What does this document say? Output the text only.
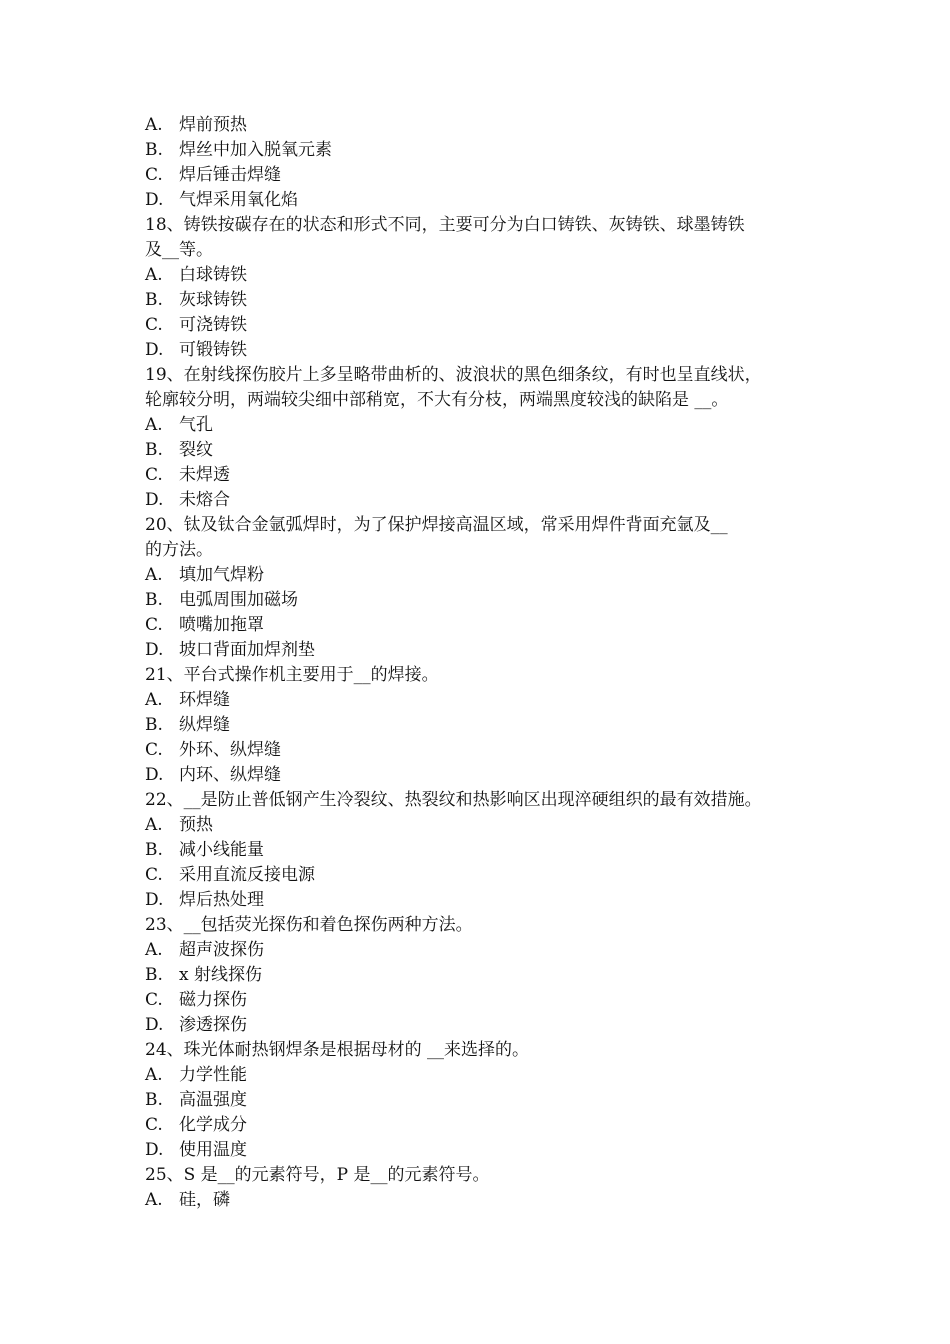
A. 焊前预热
B. 焊丝中加入脱氧元素
C. 焊后锤击焊缝
D. 气焊采用氧化焰
18、铸铁按碳存在的状态和形式不同，主要可分为白口铸铁、灰铸铁、球墨铸铁
及__等。
A. 白球铸铁
B. 灰球铸铁
C. 可浇铸铁
D. 可锻铸铁
19、在射线探伤胶片上多呈略带曲析的、波浪状的黑色细条纹，有时也呈直线状，
轮廓较分明，两端较尖细中部稍宽，不大有分枝，两端黑度较浅的缺陷是 __。
A. 气孔
B. 裂纹
C. 未焊透
D. 未熔合
20、钛及钛合金氩弧焊时，为了保护焊接高温区域，常采用焊件背面充氩及__
的方法。
A. 填加气焊粉
B. 电弧周围加磁场
C. 喷嘴加拖罩
D. 坡口背面加焊剂垫
21、平台式操作机主要用于__的焊接。
A. 环焊缝
B. 纵焊缝
C. 外环、纵焊缝
D. 内环、纵焊缝
22、__是防止普低钢产生冷裂纹、热裂纹和热影响区出现淬硬组织的最有效措施。
A. 预热
B. 减小线能量
C. 采用直流反接电源
D. 焊后热处理
23、__包括荧光探伤和着色探伤两种方法。
A. 超声波探伤
B. x 射线探伤
C. 磁力探伤
D. 渗透探伤
24、珠光体耐热钢焊条是根据母材的 __来选择的。
A. 力学性能
B. 高温强度
C. 化学成分
D. 使用温度
25、S 是__的元素符号，P 是__的元素符号。
A. 硅，磷
